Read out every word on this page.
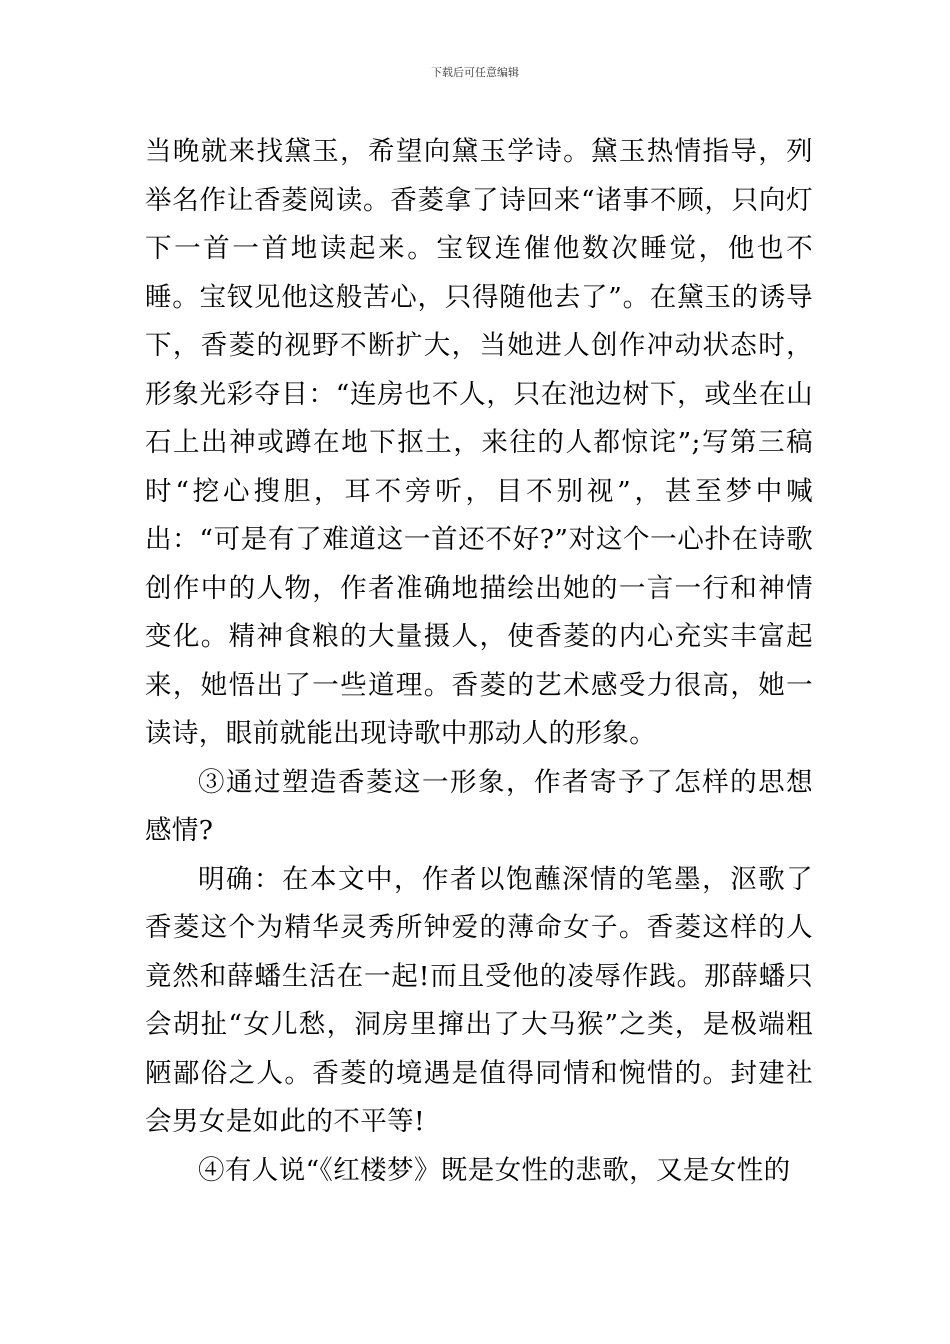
下载后可任意编辑

当晚就来找黛玉，希望向黛玉学诗。黛玉热情指导，列举名作让香菱阅读。香菱拿了诗回来“诸事不顾，只向灯下一首一首地读起来。宝钗连催他数次睡觉，他也不睡。宝钗见他这般苦心，只得随他去了”。在黛玉的诱导下，香菱的视野不断扩大，当她进人创作冲动状态时，形象光彩夺目：“连房也不人，只在池边树下，或坐在山石上出神或蹲在地下抠土，来往的人都惊诧”;写第三稿时“挖心搜胆，耳不旁听，目不别视”，甚至梦中喊出：“可是有了难道这一首还不好?”对这个一心扑在诗歌创作中的人物，作者准确地描绘出她的一言一行和神情变化。精神食粮的大量摄人，使香菱的内心充实丰富起来，她悟出了一些道理。香菱的艺术感受力很高，她一读诗，眼前就能出现诗歌中那动人的形象。

③通过塑造香菱这一形象，作者寄予了怎样的思想感情?

明确：在本文中，作者以饱蘸深情的笔墨，沤歌了香菱这个为精华灵秀所钟爱的薄命女子。香菱这样的人竟然和薛蟠生活在一起!而且受他的凌辱作践。那薛蟠只会胡扯“女儿愁，洞房里撺出了大马猴”之类，是极端粗陋鄙俗之人。香菱的境遇是值得同情和惋惜的。封建社会男女是如此的不平等!

④有人说“《红楼梦》既是女性的悲歌，又是女性的
